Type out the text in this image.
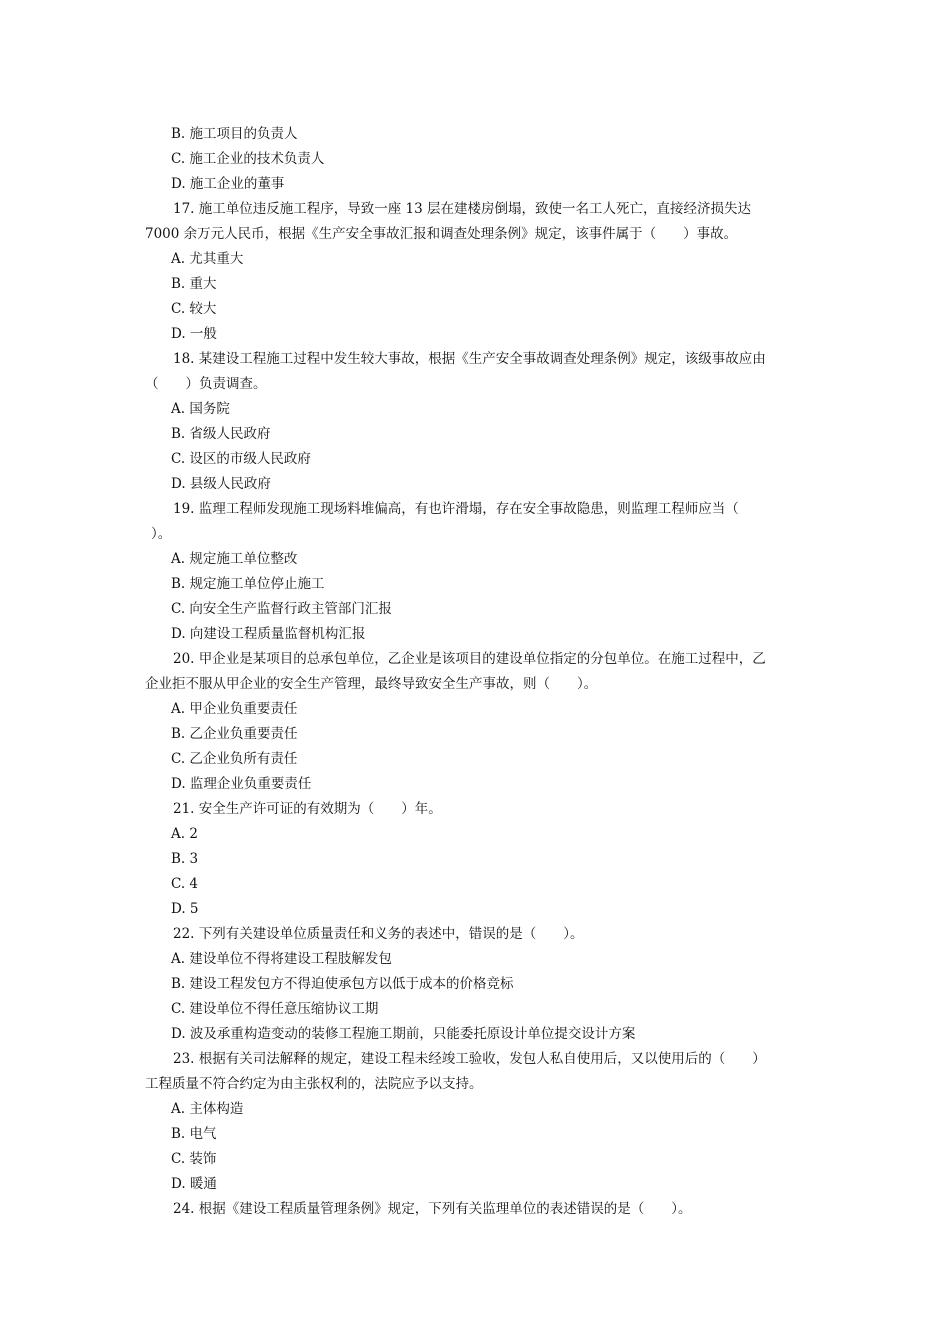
B. 施工项目的负责人
C. 施工企业的技术负责人
D. 施工企业的董事
17. 施工单位违反施工程序，导致一座 13 层在建楼房倒塌，致使一名工人死亡，直接经济损失达
7000 余万元人民币，根据《生产安全事故汇报和调查处理条例》规定，该事件属于（　　）事故。
A. 尤其重大
B. 重大
C. 较大
D. 一般
18. 某建设工程施工过程中发生较大事故，根据《生产安全事故调查处理条例》规定，该级事故应由
（　　）负责调查。
A. 国务院
B. 省级人民政府
C. 设区的市级人民政府
D. 县级人民政府
19. 监理工程师发现施工现场料堆偏高，有也许滑塌，存在安全事故隐患，则监理工程师应当（
）。
A. 规定施工单位整改
B. 规定施工单位停止施工
C. 向安全生产监督行政主管部门汇报
D. 向建设工程质量监督机构汇报
20. 甲企业是某项目的总承包单位，乙企业是该项目的建设单位指定的分包单位。在施工过程中，乙
企业拒不服从甲企业的安全生产管理，最终导致安全生产事故，则（　　）。
A. 甲企业负重要责任
B. 乙企业负重要责任
C. 乙企业负所有责任
D. 监理企业负重要责任
21. 安全生产许可证的有效期为（　　）年。
A. 2
B. 3
C. 4
D. 5
22. 下列有关建设单位质量责任和义务的表述中，错误的是（　　）。
A. 建设单位不得将建设工程肢解发包
B. 建设工程发包方不得迫使承包方以低于成本的价格竞标
C. 建设单位不得任意压缩协议工期
D. 波及承重构造变动的装修工程施工期前，只能委托原设计单位提交设计方案
23. 根据有关司法解释的规定，建设工程未经竣工验收，发包人私自使用后，又以使用后的（　　）
工程质量不符合约定为由主张权利的，法院应予以支持。
A. 主体构造
B. 电气
C. 装饰
D. 暖通
24. 根据《建设工程质量管理条例》规定，下列有关监理单位的表述错误的是（　　）。
